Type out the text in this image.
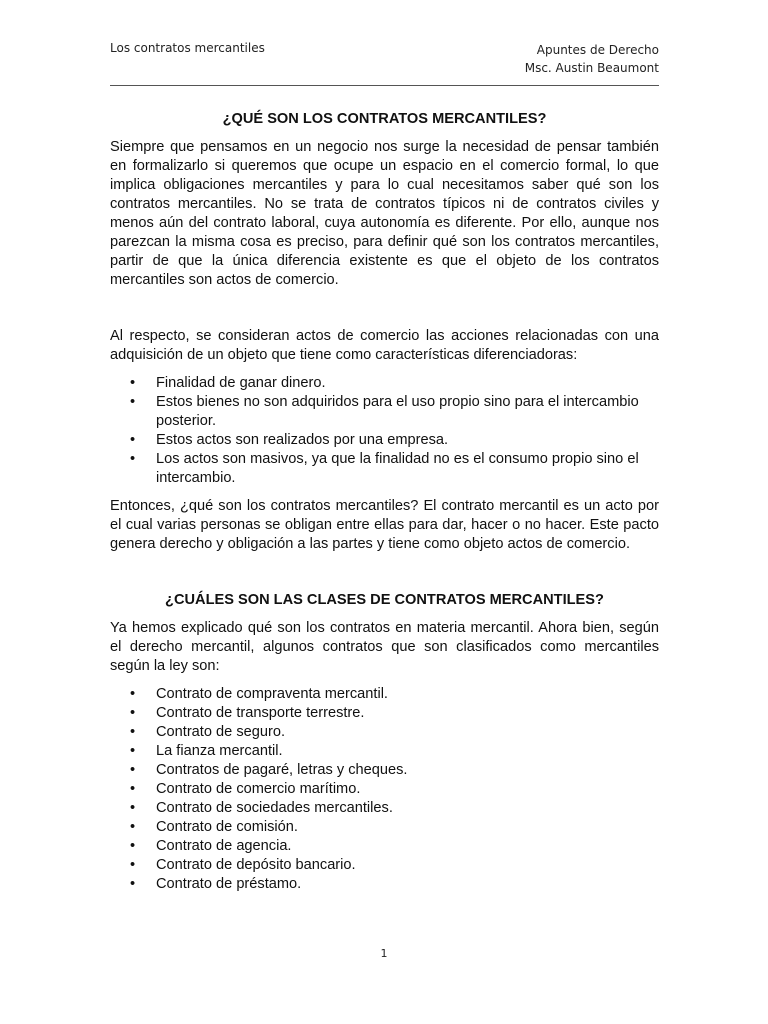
Los contratos mercantiles	Apuntes de Derecho
Msc. Austin Beaumont
¿QUÉ SON LOS CONTRATOS MERCANTILES?

Siempre que pensamos en un negocio nos surge la necesidad de pensar también en formalizarlo si queremos que ocupe un espacio en el comercio formal, lo que implica obligaciones mercantiles y para lo cual necesitamos saber qué son los contratos mercantiles. No se trata de contratos típicos ni de contratos civiles y menos aún del contrato laboral, cuya autonomía es diferente. Por ello, aunque nos parezcan la misma cosa es preciso, para definir qué son los contratos mercantiles, partir de que la única diferencia existente es que el objeto de los contratos mercantiles son actos de comercio.

Al respecto, se consideran actos de comercio las acciones relacionadas con una adquisición de un objeto que tiene como características diferenciadoras:

• Finalidad de ganar dinero.
• Estos bienes no son adquiridos para el uso propio sino para el intercambio posterior.
• Estos actos son realizados por una empresa.
• Los actos son masivos, ya que la finalidad no es el consumo propio sino el intercambio.

Entonces, ¿qué son los contratos mercantiles? El contrato mercantil es un acto por el cual varias personas se obligan entre ellas para dar, hacer o no hacer. Este pacto genera derecho y obligación a las partes y tiene como objeto actos de comercio.

¿CUÁLES SON LAS CLASES DE CONTRATOS MERCANTILES?

Ya hemos explicado qué son los contratos en materia mercantil. Ahora bien, según el derecho mercantil, algunos contratos que son clasificados como mercantiles según la ley son:

• Contrato de compraventa mercantil.
• Contrato de transporte terrestre.
• Contrato de seguro.
• La fianza mercantil.
• Contratos de pagaré, letras y cheques.
• Contrato de comercio marítimo.
• Contrato de sociedades mercantiles.
• Contrato de comisión.
• Contrato de agencia.
• Contrato de depósito bancario.
• Contrato de préstamo.
1
